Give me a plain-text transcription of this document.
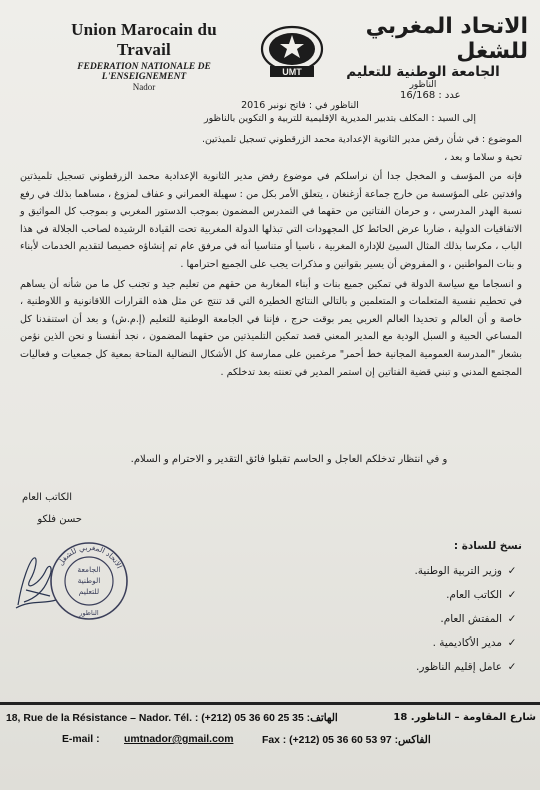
Union Marocain du Travail
FEDERATION NATIONALE DE L'ENSEIGNEMENT
Nador
UMT
الاتحاد المغربي للشغل
الجامعة الوطنية للتعليم
الناظور
عدد : 16/168
الناظور في : فاتح نونبر 2016
إلى السيد : المكلف بتدبير المديرية الإقليمية للتربية و التكوين بالناظور
الموضوع : في شأن رفض مدير الثانوية الإعدادية محمد الزرقطوني تسجيل تلميذتين.
تحية و سلاما و بعد ،

فإنه من المؤسف و المخجل جدا أن نراسلكم في موضوع رفض مدير الثانوية الإعدادية محمد الزرقطوني تسجيل تلميذتين وافدتين على المؤسسة من خارج جماعة أزغنغان ، يتعلق الأمر بكل من : سهيلة العمراني و عفاف لمزوغ ، مساهما بذلك في رفع نسبة الهدر المدرسي ، و حرمان الفتاتين من حقهما في التمدرس المضمون بموجب الدستور المغربي و بموجب كل المواثيق و الاتفاقيات الدولية ، ضاربا عرض الحائط كل المجهودات التي تبذلها الدولة المغربية تحت القيادة الرشيدة لصاحب الجلالة في هذا الباب ، مكرسا بذلك المثال السيئ للإدارة المغربية ، ناسيا أو متناسيا أنه في مرفق عام تم إنشاؤه خصيصا لتقديم الخدمات لأبناء و بنات المواطنين ، و المفروض أن يسير بقوانين و مذكرات يجب على الجميع احترامها .

و انسجاما مع سياسة الدولة في تمكين جميع بنات و أبناء المغاربة من حقهم من تعليم جيد و تجنب كل ما من شأنه أن يساهم في تحطيم نفسية المتعلمات و المتعلمين و بالتالي النتائج الخطيرة التي قد تنتج عن مثل هذه القرارات اللاقانونية و اللاوطنية ، خاصة و أن العالم و تحديدا العالم العربي يمر بوقت حرج ، فإننا في الجامعة الوطنية للتعليم (إ.م.ش) و بعد أن استنفدنا كل المساعي الحبية و السبل الودية مع المدير المعني قصد تمكين التلميذتين من حقهما المضمون ، نجد أنفسنا و نحن الذين نؤمن بشعار "المدرسة العمومية المجانية خط أحمر" مرغمين على ممارسة كل الأشكال النضالية المتاحة بمعية كل جمعيات و فعاليات المجتمع المدني و تبني قضية الفتاتين إن استمر المدير في تعنته بعد تدخلكم .

و في انتظار تدخلكم العاجل و الحاسم تقبلوا فائق التقدير و الاحترام و السلام.
الكاتب العام
حسن فلكو
نسخ للسادة :
✓
وزير التربية الوطنية.
✓
الكاتب العام.
✓
المفتش العام.
✓
مدير الأكاديمية .
✓
عامل إقليم الناظور.
الاتحاد المغربي للشغل
الجامعة
الوطنية
للتعليم
الناظور
18, Rue de la Résistance – Nador. Tél. : (+212) 05 36 60 25 35 :الهاتف	شارع المقاومة – الناظور. 18
E-mail : umtnador@gmail.com	Fax : (+212) 05 36 60 53 97 :الفاكس
